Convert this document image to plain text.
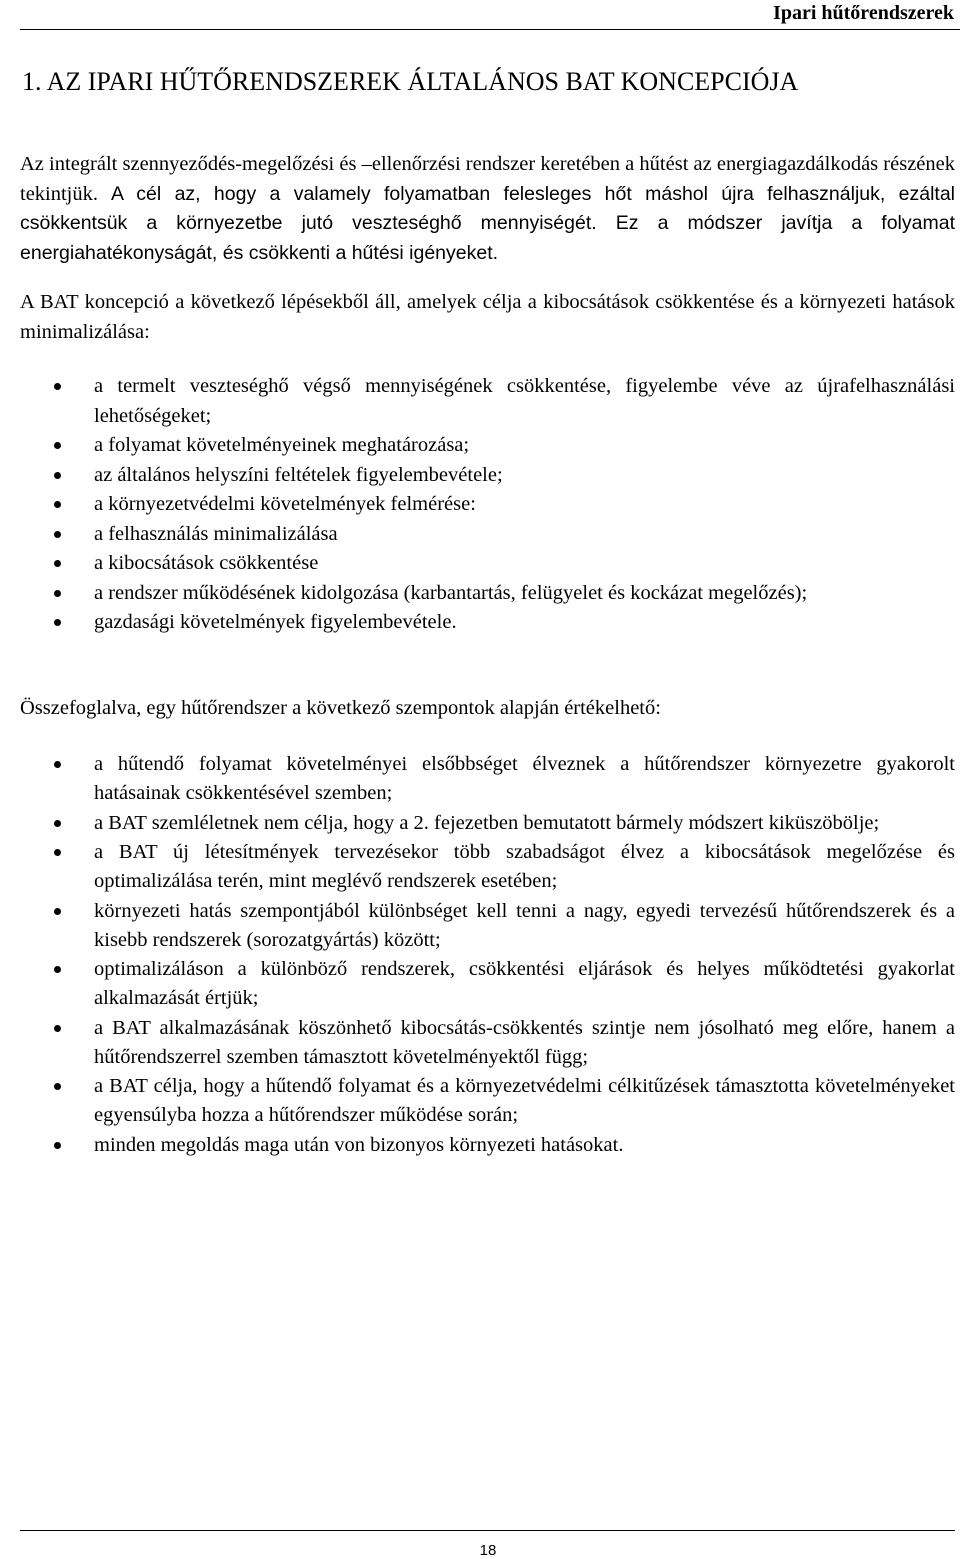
Ipari hűtőrendszerek
1. AZ IPARI HŰTŐRENDSZEREK ÁLTALÁNOS BAT KONCEPCIÓJA

Az integrált szennyeződés-megelőzési és –ellenőrzési rendszer keretében a hűtést az energiagazdálkodás részének tekintjük. A cél az, hogy a valamely folyamatban felesleges hőt máshol újra felhasználjuk, ezáltal csökkentsük a környezetbe jutó veszteséghő mennyiségét. Ez a módszer javítja a folyamat energiahatékonyságát, és csökkenti a hűtési igényeket.

A BAT koncepció a következő lépésekből áll, amelyek célja a kibocsátások csökkentése és a környezeti hatások minimalizálása:

a termelt veszteséghő végső mennyiségének csökkentése, figyelembe véve az újrafelhasználási lehetőségeket;
a folyamat követelményeinek meghatározása;
az általános helyszíni feltételek figyelembevétele;
a környezetvédelmi követelmények felmérése:
a felhasználás minimalizálása
a kibocsátások csökkentése
a rendszer működésének kidolgozása (karbantartás, felügyelet és kockázat megelőzés);
gazdasági követelmények figyelembevétele.

Összefoglalva, egy hűtőrendszer a következő szempontok alapján értékelhető:

a hűtendő folyamat követelményei elsőbbséget élveznek a hűtőrendszer környezetre gyakorolt hatásainak csökkentésével szemben;
a BAT szemléletnek nem célja, hogy a 2. fejezetben bemutatott bármely módszert kiküszöbölje;
a BAT új létesítmények tervezésekor több szabadságot élvez a kibocsátások megelőzése és optimalizálása terén, mint meglévő rendszerek esetében;
környezeti hatás szempontjából különbséget kell tenni a nagy, egyedi tervezésű hűtőrendszerek és a kisebb rendszerek (sorozatgyártás) között;
optimalizáláson a különböző rendszerek, csökkentési eljárások és helyes működtetési gyakorlat alkalmazását értjük;
a BAT alkalmazásának köszönhető kibocsátás-csökkentés szintje nem jósolható meg előre, hanem a hűtőrendszerrel szemben támasztott követelményektől függ;
a BAT célja, hogy a hűtendő folyamat és a környezetvédelmi célkitűzések támasztotta követelményeket egyensúlyba hozza a hűtőrendszer működése során;
minden megoldás maga után von bizonyos környezeti hatásokat.
18
